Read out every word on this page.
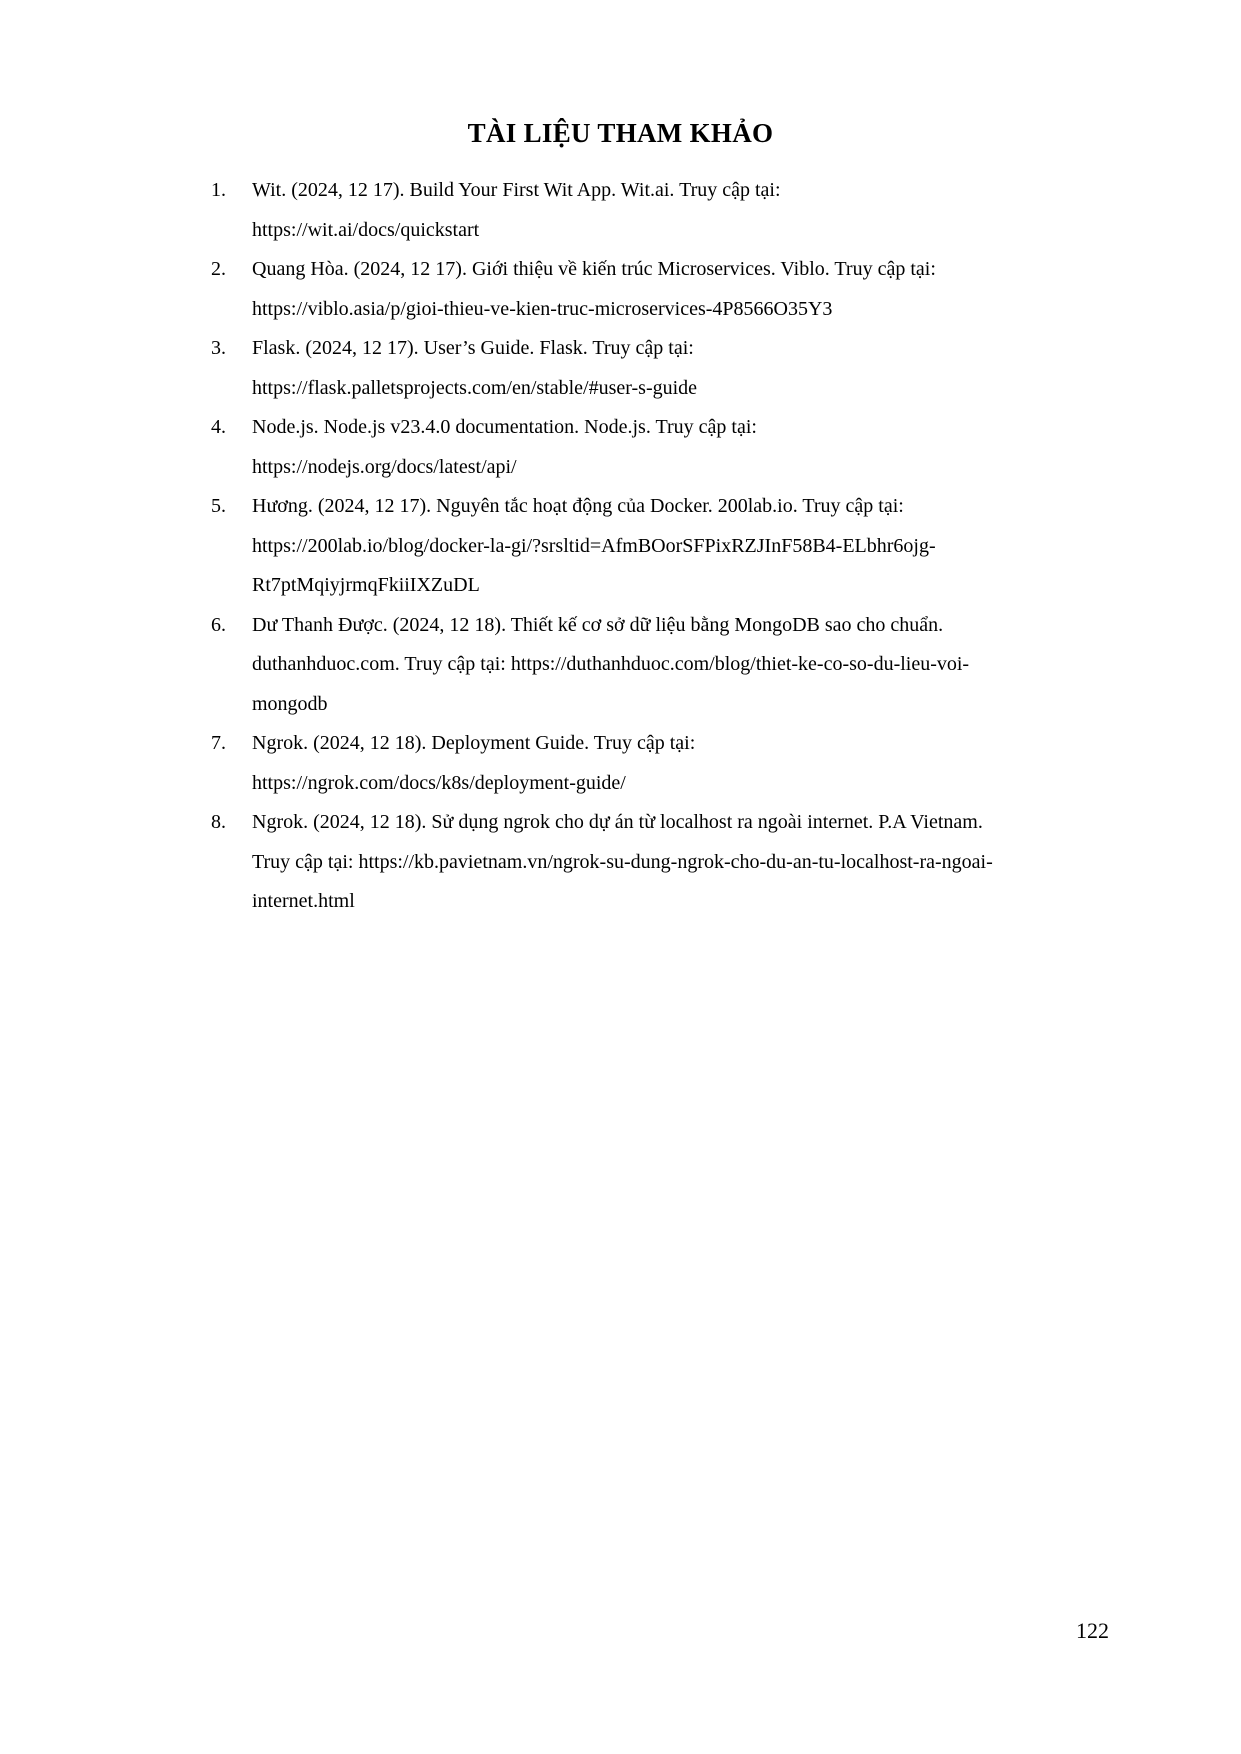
TÀI LIỆU THAM KHẢO
1. Wit. (2024, 12 17). Build Your First Wit App. Wit.ai. Truy cập tại:
https://wit.ai/docs/quickstart
2. Quang Hòa. (2024, 12 17). Giới thiệu về kiến trúc Microservices. Viblo. Truy cập tại:
https://viblo.asia/p/gioi-thieu-ve-kien-truc-microservices-4P8566O35Y3
3. Flask. (2024, 12 17). User’s Guide. Flask. Truy cập tại:
https://flask.palletsprojects.com/en/stable/#user-s-guide
4. Node.js. Node.js v23.4.0 documentation. Node.js. Truy cập tại:
https://nodejs.org/docs/latest/api/
5. Hương. (2024, 12 17). Nguyên tắc hoạt động của Docker. 200lab.io. Truy cập tại:
https://200lab.io/blog/docker-la-gi/?srsltid=AfmBOorSFPixRZJInF58B4-ELbhr6ojg-
Rt7ptMqiyjrmqFkiiIXZuDL
6. Dư Thanh Được. (2024, 12 18). Thiết kế cơ sở dữ liệu bằng MongoDB sao cho chuẩn.
duthanhduoc.com. Truy cập tại: https://duthanhduoc.com/blog/thiet-ke-co-so-du-lieu-voi-
mongodb
7. Ngrok. (2024, 12 18). Deployment Guide. Truy cập tại:
https://ngrok.com/docs/k8s/deployment-guide/
8. Ngrok. (2024, 12 18). Sử dụng ngrok cho dự án từ localhost ra ngoài internet. P.A Vietnam.
Truy cập tại: https://kb.pavietnam.vn/ngrok-su-dung-ngrok-cho-du-an-tu-localhost-ra-ngoai-
internet.html
122
